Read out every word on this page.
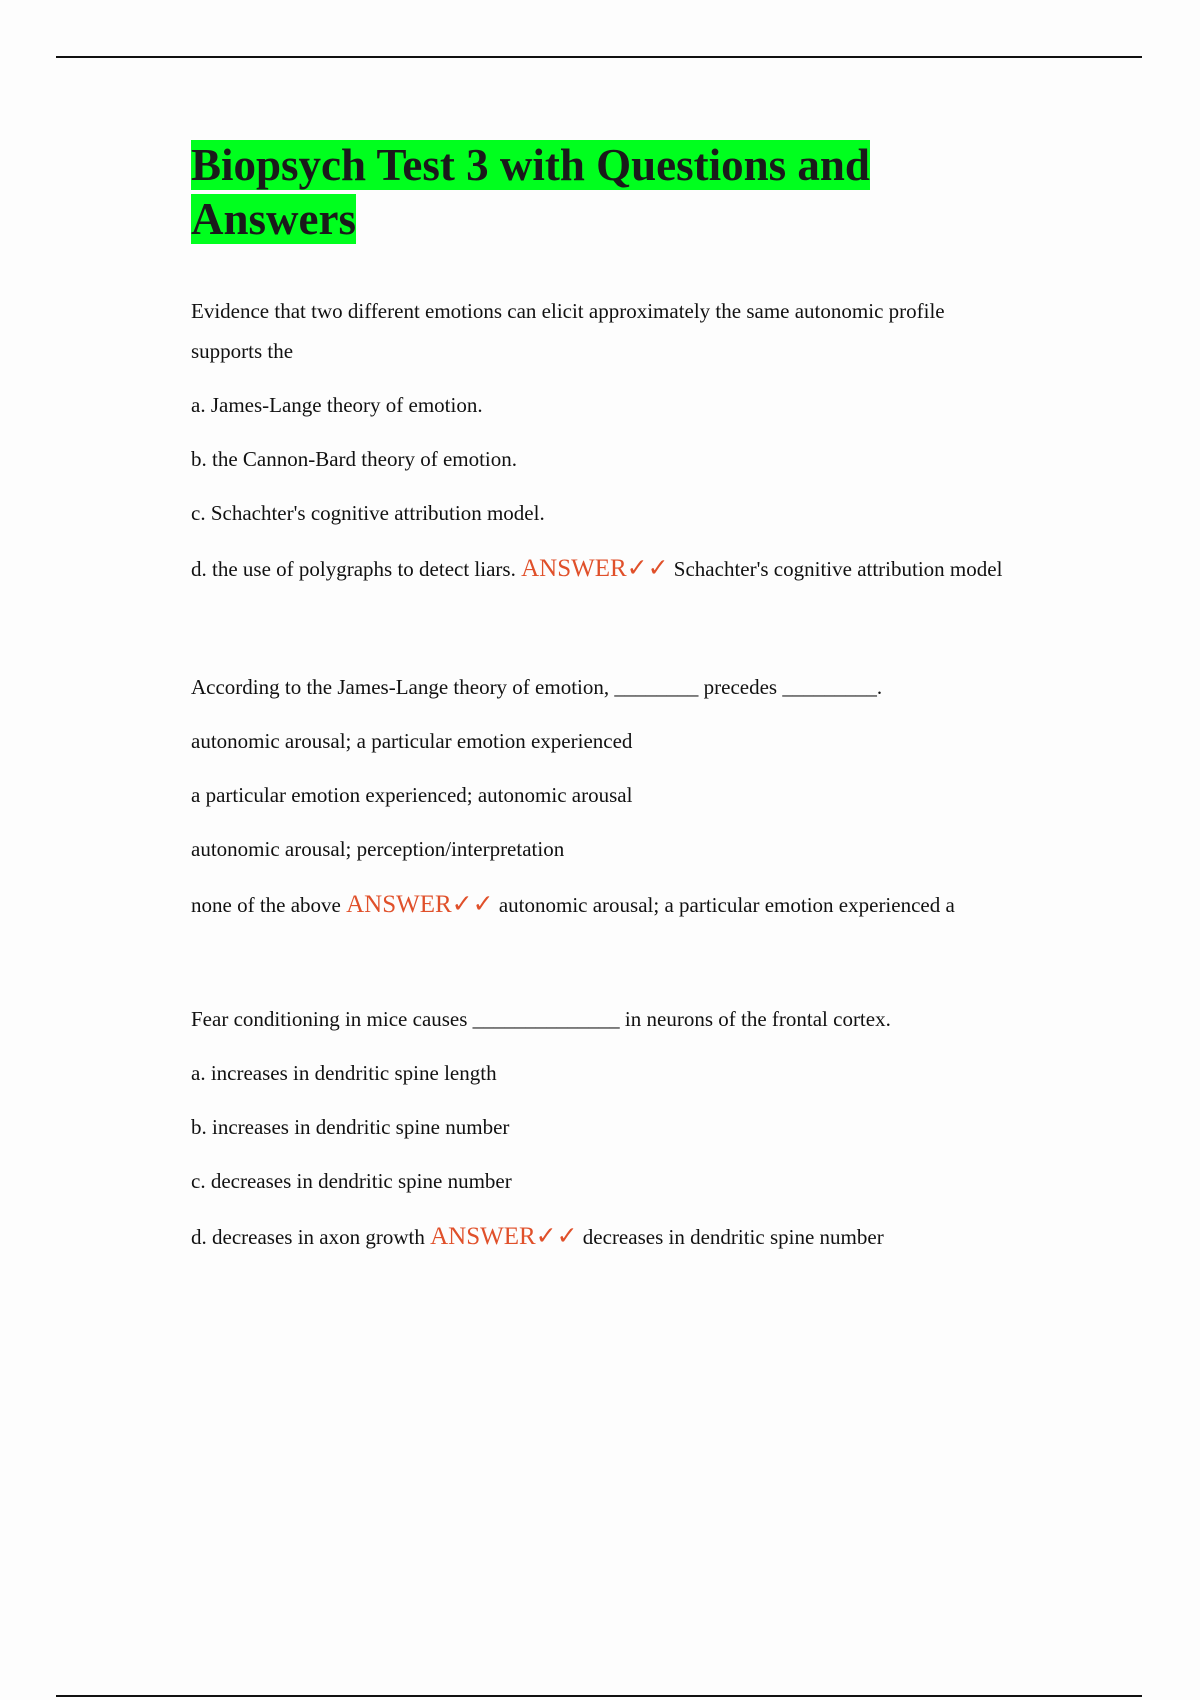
Biopsych Test 3 with Questions and Answers

Evidence that two different emotions can elicit approximately the same autonomic profile supports the

a. James-Lange theory of emotion.

b. the Cannon-Bard theory of emotion.

c. Schachter's cognitive attribution model.

d. the use of polygraphs to detect liars. ANSWER✓✓ Schachter's cognitive attribution model

According to the James-Lange theory of emotion, ________ precedes _________.

autonomic arousal; a particular emotion experienced

a particular emotion experienced; autonomic arousal

autonomic arousal; perception/interpretation

none of the above ANSWER✓✓ autonomic arousal; a particular emotion experienced a

Fear conditioning in mice causes ______________ in neurons of the frontal cortex.

a. increases in dendritic spine length

b. increases in dendritic spine number

c. decreases in dendritic spine number

d. decreases in axon growth ANSWER✓✓ decreases in dendritic spine number
